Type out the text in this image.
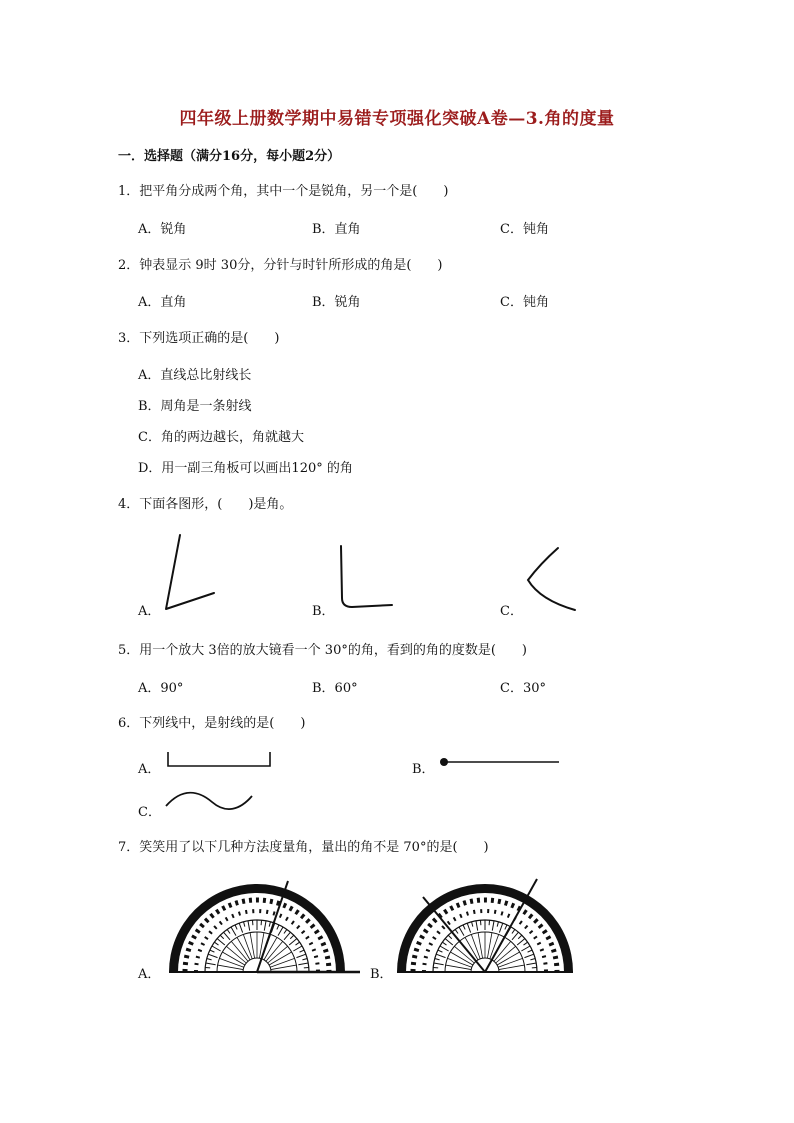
四年级上册数学期中易错专项强化突破A卷—3.角的度量
一．选择题（满分16分，每小题2分）
1．把平角分成两个角，其中一个是锐角，另一个是(　　)
A．锐角	B．直角	C．钝角
2．钟表显示 9时 30分，分针与时针所形成的角是(　　)
A．直角	B．锐角	C．钝角
3．下列选项正确的是(　　)
A．直线总比射线长
B．周角是一条射线
C．角的两边越长，角就越大
D．用一副三角板可以画出120° 的角
4．下面各图形，(　　)是角。
A．	B．	C．
5．用一个放大 3倍的放大镜看一个 30°的角，看到的角的度数是(　　)
A．90°	B．60°	C．30°
6．下列线中，是射线的是(　　)
A．	B．
C．
7．笑笑用了以下几种方法度量角，量出的角不是 70°的是(　　)
A．	B．
